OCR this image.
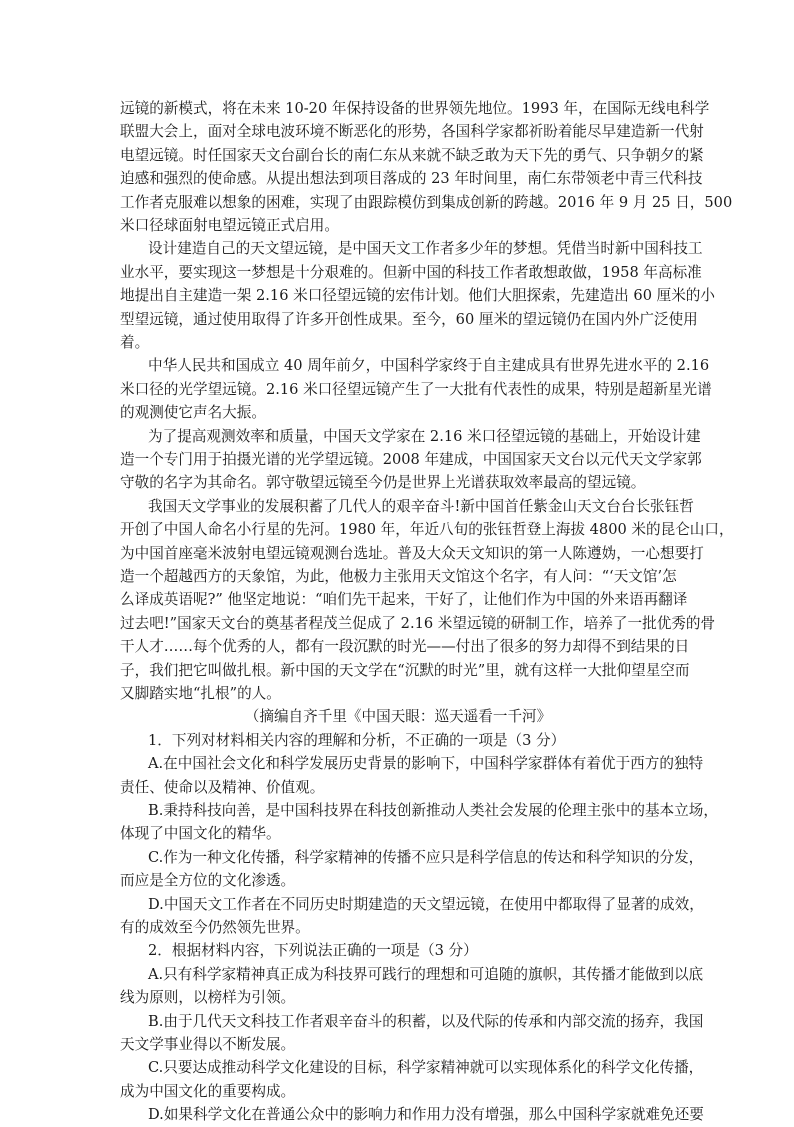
远镜的新模式，将在未来 10-20 年保持设备的世界领先地位。1993 年，在国际无线电科学
联盟大会上，面对全球电波环境不断恶化的形势，各国科学家都祈盼着能尽早建造新一代射
电望远镜。时任国家天文台副台长的南仁东从来就不缺乏敢为天下先的勇气、只争朝夕的紧
迫感和强烈的使命感。从提出想法到项目落成的 23 年时间里，南仁东带领老中青三代科技
工作者克服难以想象的困难，实现了由跟踪模仿到集成创新的跨越。2016 年 9 月 25 日，500
米口径球面射电望远镜正式启用。
设计建造自己的天文望远镜，是中国天文工作者多少年的梦想。凭借当时新中国科技工
业水平，要实现这一梦想是十分艰难的。但新中国的科技工作者敢想敢做，1958 年高标准
地提出自主建造一架 2.16 米口径望远镜的宏伟计划。他们大胆探索，先建造出 60 厘米的小
型望远镜，通过使用取得了许多开创性成果。至今，60 厘米的望远镜仍在国内外广泛使用
着。
中华人民共和国成立 40 周年前夕，中国科学家终于自主建成具有世界先进水平的 2.16
米口径的光学望远镜。2.16 米口径望远镜产生了一大批有代表性的成果，特别是超新星光谱
的观测使它声名大振。
为了提高观测效率和质量，中国天文学家在 2.16 米口径望远镜的基础上，开始设计建
造一个专门用于拍摄光谱的光学望远镜。2008 年建成，中国国家天文台以元代天文学家郭
守敬的名字为其命名。郭守敬望远镜至今仍是世界上光谱获取效率最高的望远镜。
我国天文学事业的发展积蓄了几代人的艰辛奋斗!新中国首任紫金山天文台台长张钰哲
开创了中国人命名小行星的先河。1980 年，年近八旬的张钰哲登上海拔 4800 米的昆仑山口，
为中国首座毫米波射电望远镜观测台选址。普及大众天文知识的第一人陈遵妫，一心想要打
造一个超越西方的天象馆，为此，他极力主张用天文馆这个名字，有人问：“‘天文馆’怎
么译成英语呢?” 他坚定地说：“咱们先干起来，干好了，让他们作为中国的外来语再翻译
过去吧!”国家天文台的奠基者程茂兰促成了 2.16 米望远镜的研制工作，培养了一批优秀的骨
干人才……每个优秀的人，都有一段沉默的时光——付出了很多的努力却得不到结果的日
子，我们把它叫做扎根。新中国的天文学在“沉默的时光”里，就有这样一大批仰望星空而
又脚踏实地“扎根”的人。
（摘编自齐千里《中国天眼：巡天遥看一千河》
1．下列对材料相关内容的理解和分析，不正确的一项是（3 分）
A.在中国社会文化和科学发展历史背景的影响下，中国科学家群体有着优于西方的独特
责任、使命以及精神、价值观。
B.秉持科技向善，是中国科技界在科技创新推动人类社会发展的伦理主张中的基本立场，
体现了中国文化的精华。
C.作为一种文化传播，科学家精神的传播不应只是科学信息的传达和科学知识的分发，
而应是全方位的文化渗透。
D.中国天文工作者在不同历史时期建造的天文望远镜，在使用中都取得了显著的成效，
有的成效至今仍然领先世界。
2．根据材料内容，下列说法正确的一项是（3 分）
A.只有科学家精神真正成为科技界可践行的理想和可追随的旗帜，其传播才能做到以底
线为原则，以榜样为引领。
B.由于几代天文科技工作者艰辛奋斗的积蓄，以及代际的传承和内部交流的扬弃，我国
天文学事业得以不断发展。
C.只要达成推动科学文化建设的目标，科学家精神就可以实现体系化的科学文化传播，
成为中国文化的重要构成。
D.如果科学文化在普通公众中的影响力和作用力没有增强，那么中国科学家就难免还要
